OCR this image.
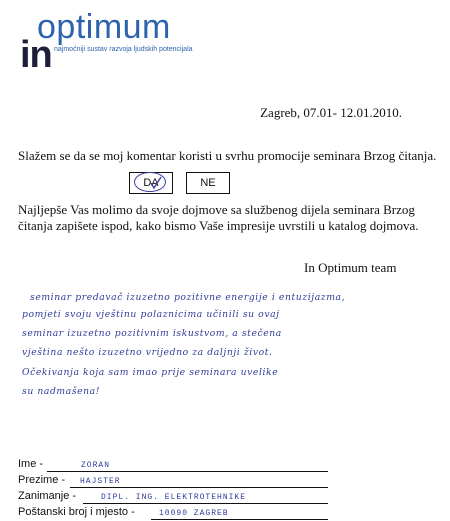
in
optimum
najmoćniji sustav razvoja ljudskih potencijala
Zagreb, 07.01- 12.01.2010.
Slažem se da se moj komentar koristi u svrhu promocije seminara Brzog čitanja.
DA	NE
Najljepše Vas molimo da svoje dojmove sa službenog dijela seminara Brzog čitanja zapišete ispod, kako bismo Vaše impresije uvrstili u katalog dojmova.
In Optimum team
seminar predavač izuzetno pozitivne energije i entuzijazma,
pomjeti svoju vještinu polaznicima učinili su ovaj
seminar izuzetno pozitivnim iskustvom, a stečena
vještina nešto izuzetno vrijedno za daljnji život.
Očekivanja koja sam imao prije seminara uvelike
su nadmašena!
Ime -	ZORAN
Prezime - HAJSTER
Zanimanje -	DIPL. ING. ELEKTROTEHNIKE
Poštanski broj i mjesto -	10090 ZAGREB
